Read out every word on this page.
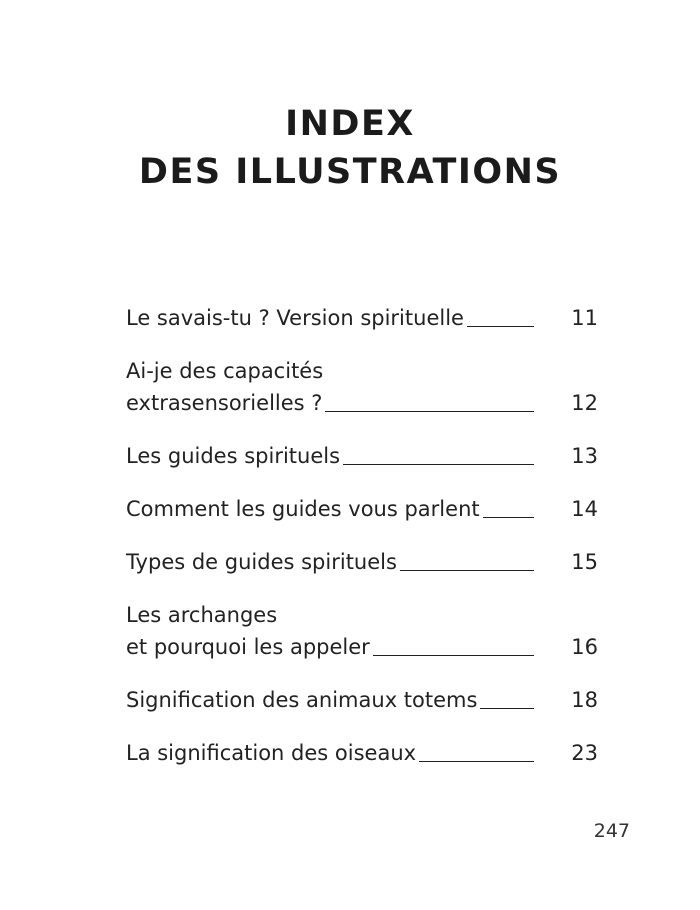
INDEX
DES ILLUSTRATIONS
Le savais-tu ? Version spirituelle	11
Ai-je des capacités
extrasensorielles ?	12
Les guides spirituels	13
Comment les guides vous parlent	14
Types de guides spirituels	15
Les archanges
et pourquoi les appeler	16
Signification des animaux totems	18
La signification des oiseaux	23
247
